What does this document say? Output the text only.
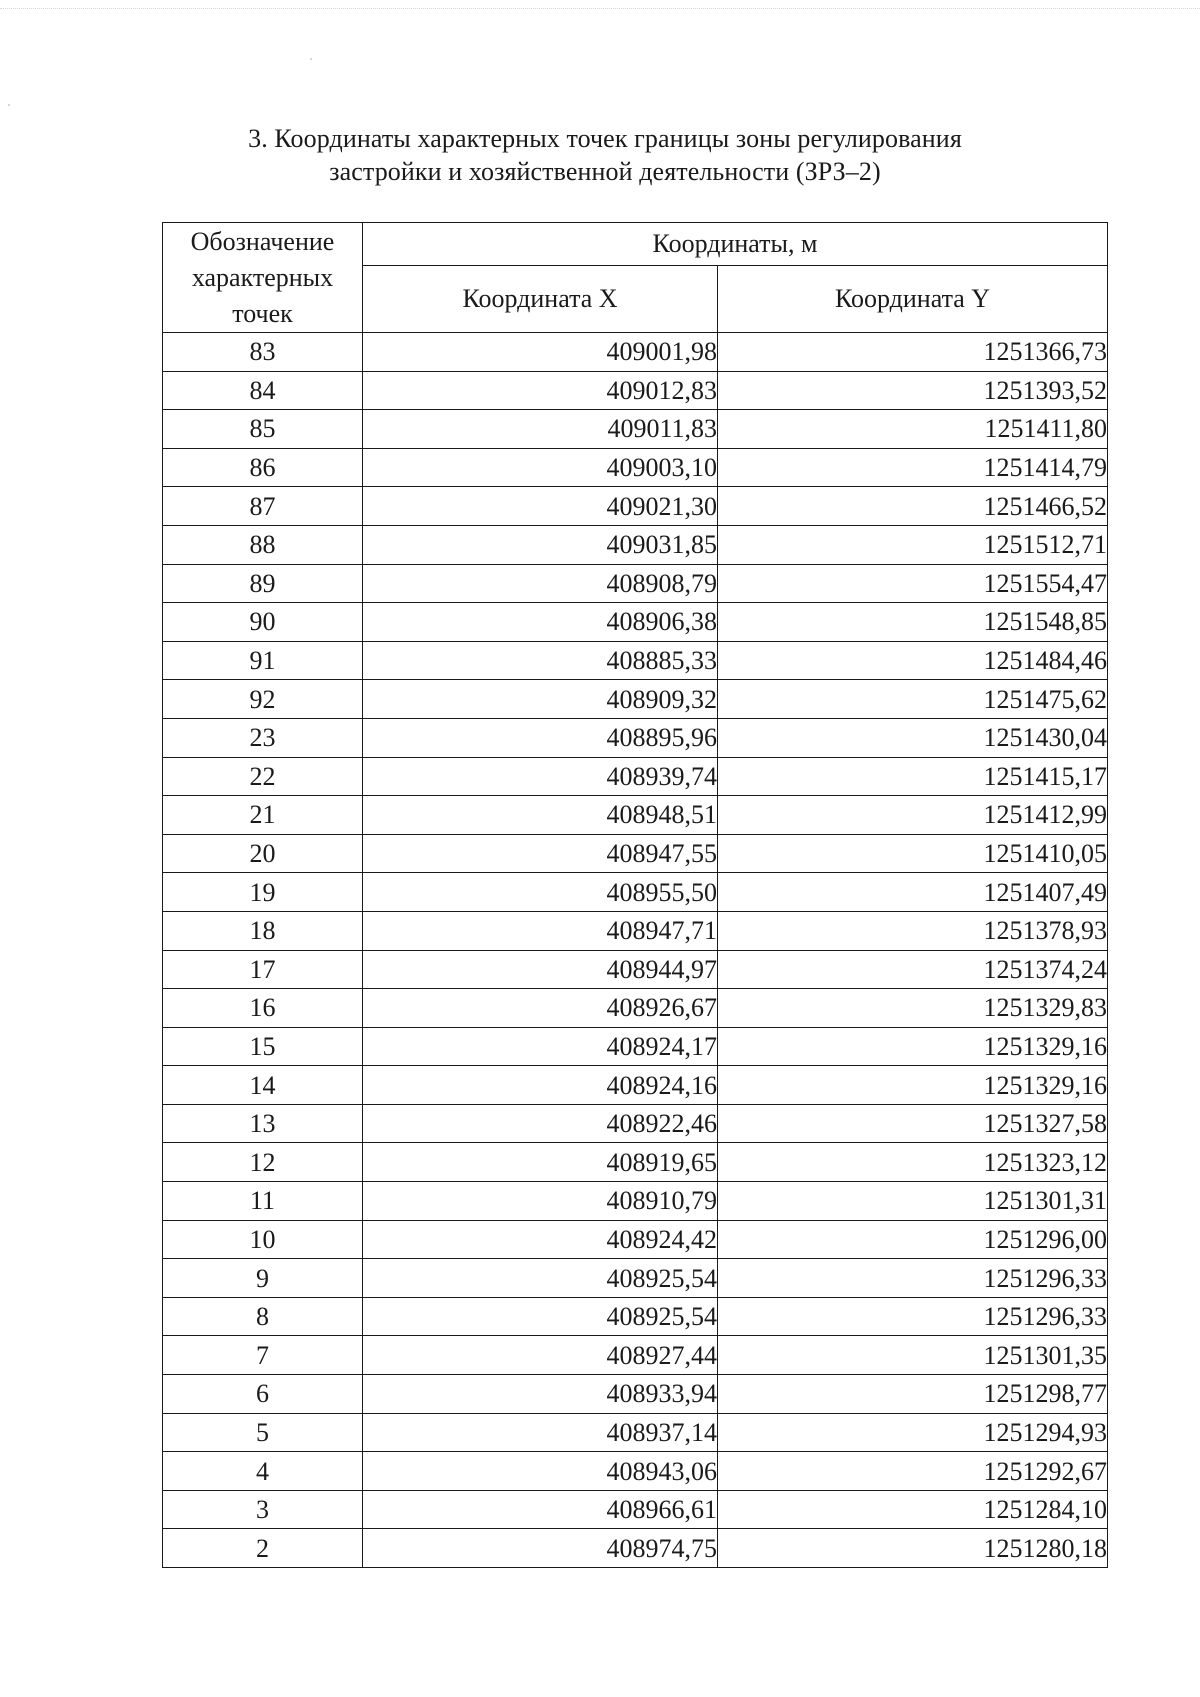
3. Координаты характерных точек границы зоны регулирования
застройки и хозяйственной деятельности (ЗРЗ–2)
Обозначение
характерных
точек	Координаты, м	
	Координата X	Координата Y
83	409001,98	1251366,73
84	409012,83	1251393,52
85	409011,83	1251411,80
86	409003,10	1251414,79
87	409021,30	1251466,52
88	409031,85	1251512,71
89	408908,79	1251554,47
90	408906,38	1251548,85
91	408885,33	1251484,46
92	408909,32	1251475,62
23	408895,96	1251430,04
22	408939,74	1251415,17
21	408948,51	1251412,99
20	408947,55	1251410,05
19	408955,50	1251407,49
18	408947,71	1251378,93
17	408944,97	1251374,24
16	408926,67	1251329,83
15	408924,17	1251329,16
14	408924,16	1251329,16
13	408922,46	1251327,58
12	408919,65	1251323,12
11	408910,79	1251301,31
10	408924,42	1251296,00
9	408925,54	1251296,33
8	408925,54	1251296,33
7	408927,44	1251301,35
6	408933,94	1251298,77
5	408937,14	1251294,93
4	408943,06	1251292,67
3	408966,61	1251284,10
2	408974,75	1251280,18
